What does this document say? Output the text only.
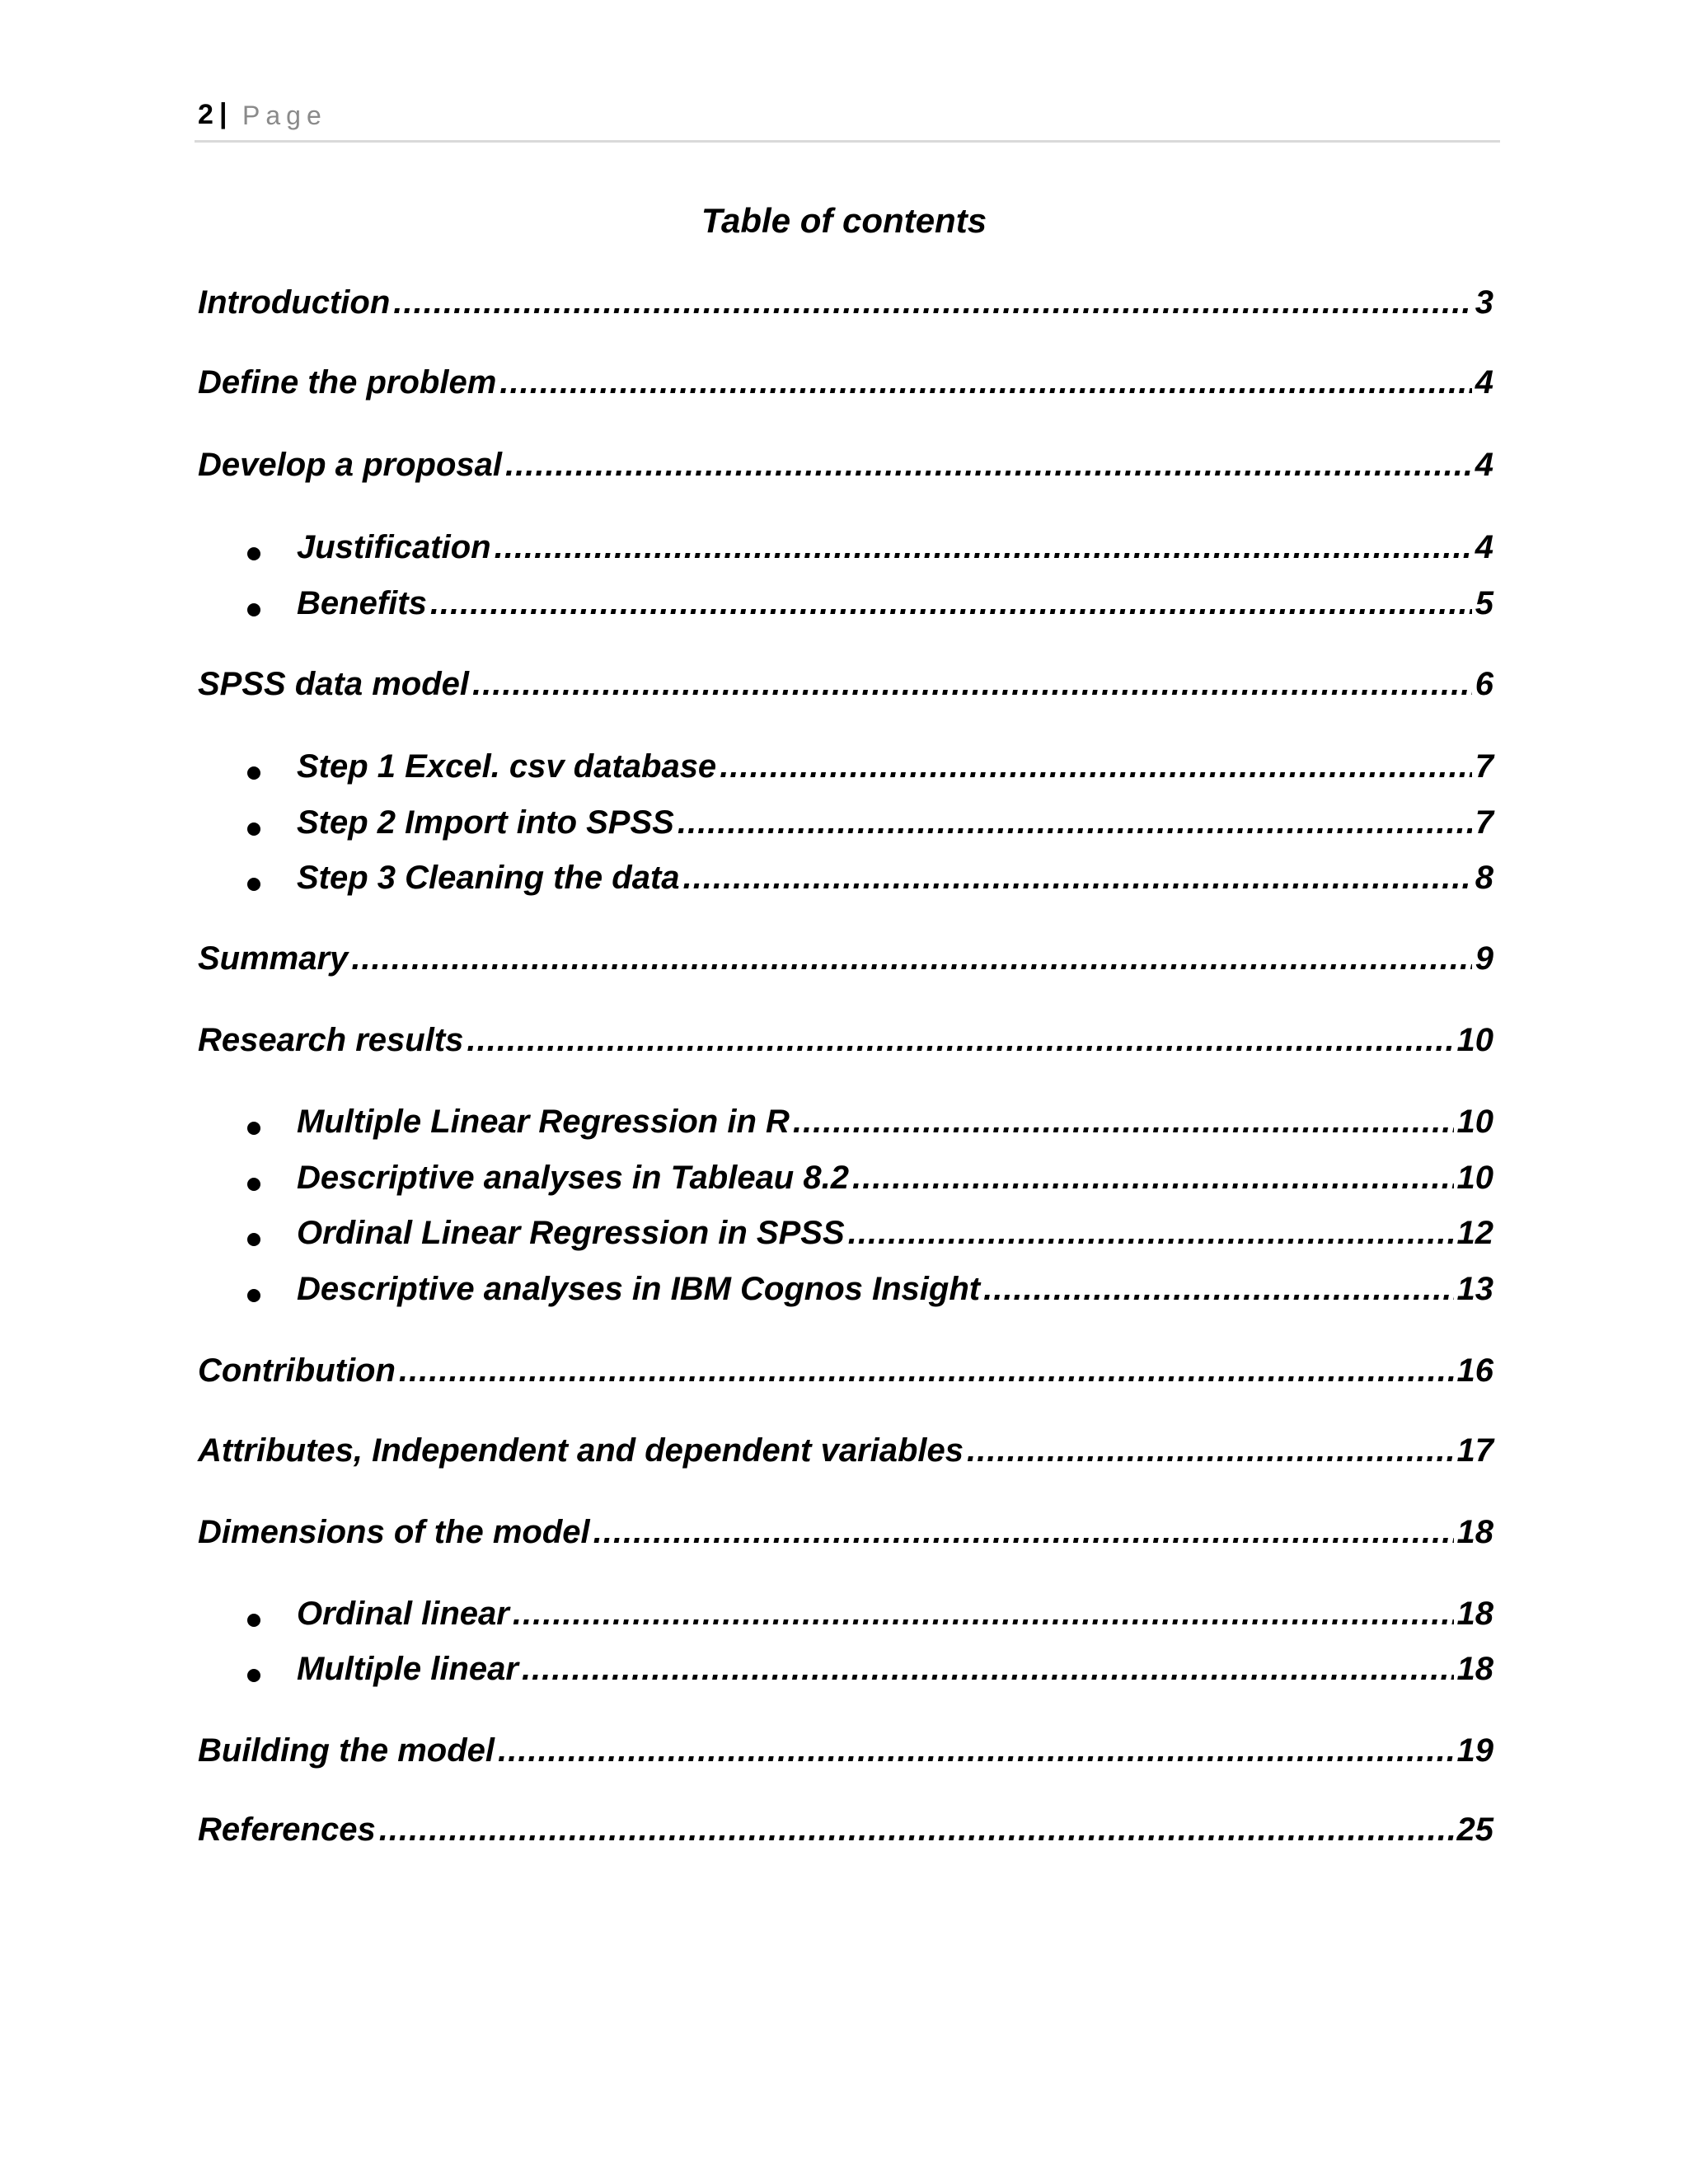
2 | Page
Table of contents
Introduction .....	3
Define the problem .....	4
Develop a proposal .....	4
Justification .....	4
Benefits .....	5
SPSS data model .....	6
Step 1 Excel. csv database .....	7
Step 2 Import into SPSS .....	7
Step 3 Cleaning the data .....	8
Summary .....	9
Research results .....	10
Multiple Linear Regression in R .....	10
Descriptive analyses in Tableau 8.2 .....	10
Ordinal Linear Regression in SPSS .....	12
Descriptive analyses in IBM Cognos Insight .....	13
Contribution .....	16
Attributes, Independent and dependent variables .....	17
Dimensions of the model .....	18
Ordinal linear .....	18
Multiple linear .....	18
Building the model .....	19
References .....	25
